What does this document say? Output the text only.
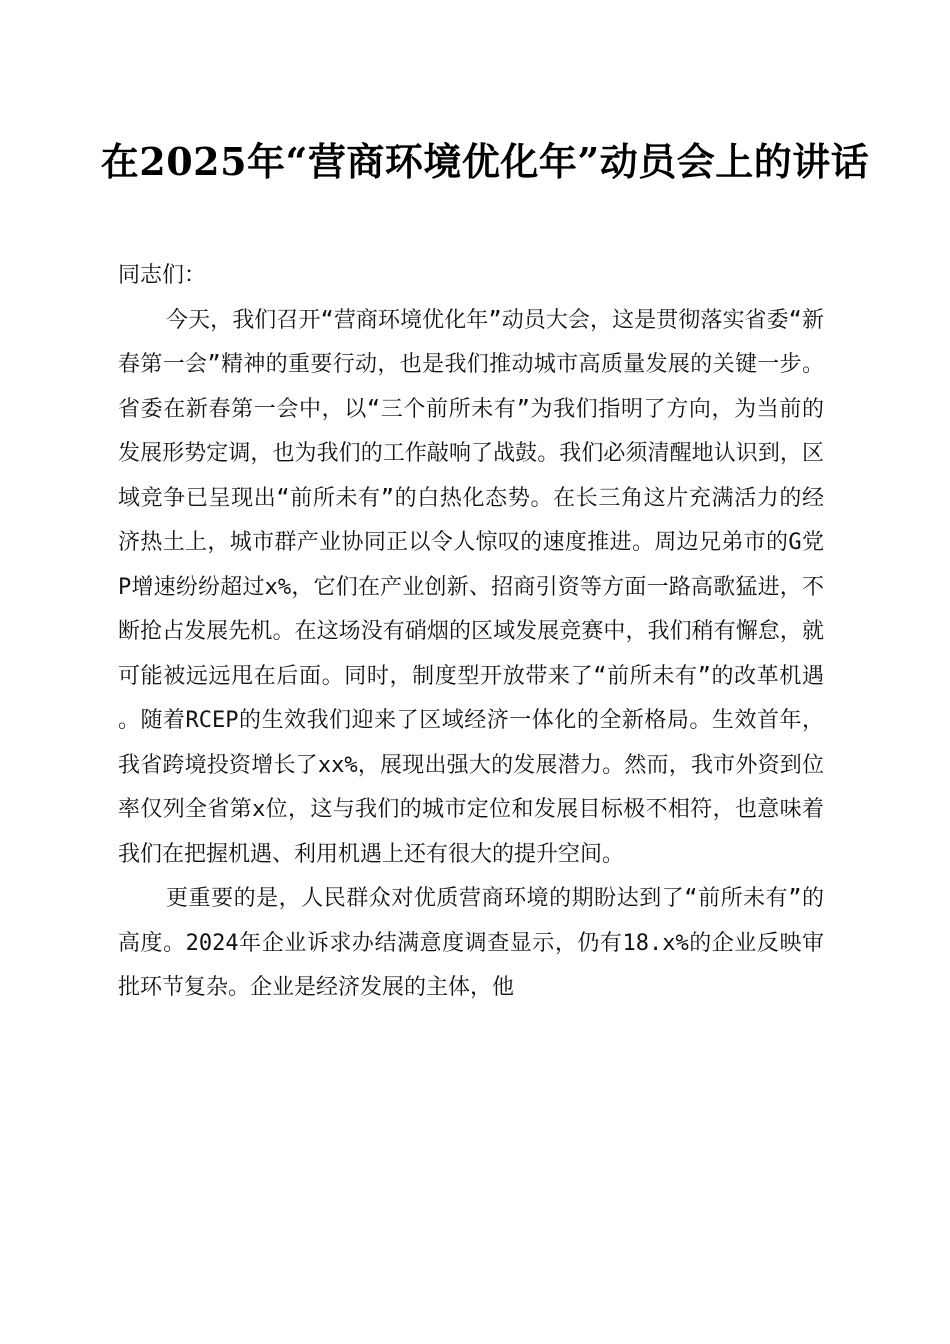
在2025年“营商环境优化年”动员会上的讲话

同志们：

今天，我们召开“营商环境优化年”动员大会，这是贯彻落实省委“新春第一会”精神的重要行动，也是我们推动城市高质量发展的关键一步。省委在新春第一会中，以“三个前所未有”为我们指明了方向，为当前的发展形势定调，也为我们的工作敲响了战鼓。我们必须清醒地认识到，区域竞争已呈现出“前所未有”的白热化态势。在长三角这片充满活力的经济热土上，城市群产业协同正以令人惊叹的速度推进。周边兄弟市的G党P增速纷纷超过x%，它们在产业创新、招商引资等方面一路高歌猛进，不断抢占发展先机。在这场没有硝烟的区域发展竞赛中，我们稍有懈怠，就可能被远远甩在后面。同时，制度型开放带来了“前所未有”的改革机遇。随着RCEP的生效我们迎来了区域经济一体化的全新格局。生效首年，我省跨境投资增长了xx%，展现出强大的发展潜力。然而，我市外资到位率仅列全省第x位，这与我们的城市定位和发展目标极不相符，也意味着我们在把握机遇、利用机遇上还有很大的提升空间。

更重要的是，人民群众对优质营商环境的期盼达到了“前所未有”的高度。2024年企业诉求办结满意度调查显示，仍有18.x%的企业反映审批环节复杂。企业是经济发展的主体，他
